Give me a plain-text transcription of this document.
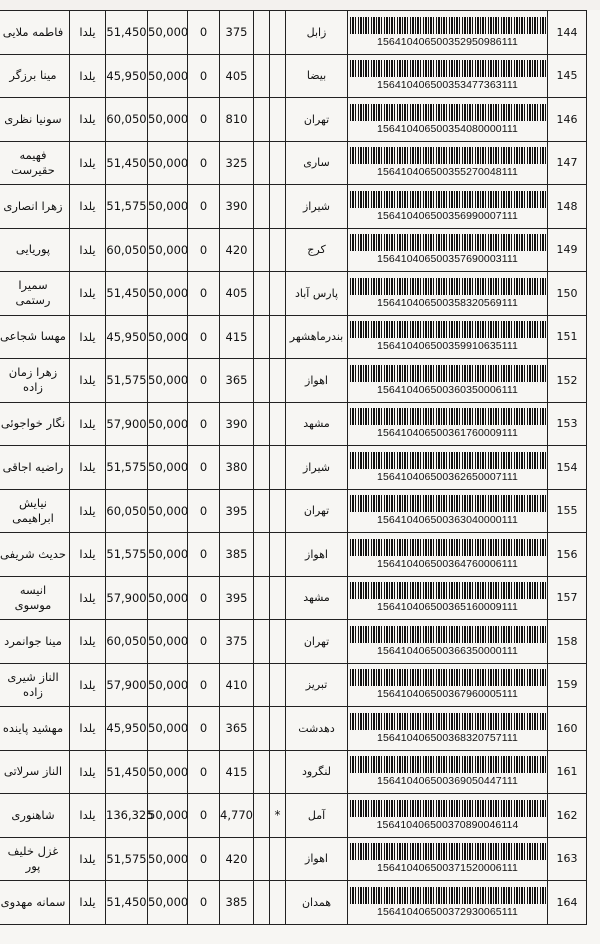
فاطمه ملایی	یلدا	51,450	50,000	0	375			زابل	156410406500352950986111	144
مینا برزگر	یلدا	45,950	50,000	0	405			بیضا	156410406500353477363111	145
سونیا نظری	یلدا	60,050	50,000	0	810			تهران	156410406500354080000111	146
فهیمه حقیرست	یلدا	51,450	50,000	0	325			ساری	156410406500355270048111	147
زهرا انصاری	یلدا	51,575	50,000	0	390			شیراز	156410406500356990007111	148
پوریایی	یلدا	60,050	50,000	0	420			کرج	156410406500357690003111	149
سمیرا رستمی	یلدا	51,450	50,000	0	405			پارس آباد	156410406500358320569111	150
مهسا شجاعی	یلدا	45,950	50,000	0	415			بندرماهشهر	156410406500359910635111	151
زهرا زمان زاده	یلدا	51,575	50,000	0	365			اهواز	156410406500360350006111	152
نگار خواجوئی	یلدا	57,900	50,000	0	390			مشهد	156410406500361760009111	153
راضیه اجاقی	یلدا	51,575	50,000	0	380			شیراز	156410406500362650007111	154
نیایش ابراهیمی	یلدا	60,050	50,000	0	395			تهران	156410406500363040000111	155
حدیث شریفی	یلدا	51,575	50,000	0	385			اهواز	156410406500364760006111	156
انیسه موسوی	یلدا	57,900	50,000	0	395			مشهد	156410406500365160009111	157
مینا جوانمرد	یلدا	60,050	50,000	0	375			تهران	156410406500366350000111	158
الناز شیری زاده	یلدا	57,900	50,000	0	410			تبریز	156410406500367960005111	159
مهشید پاینده	یلدا	45,950	50,000	0	365			دهدشت	156410406500368320757111	160
الناز سرلاتی	یلدا	51,450	50,000	0	415			لنگرود	156410406500369050447111	161
شاهنوری	یلدا	136,325	50,000	0	4,770		*	آمل	156410406500370890046114	162
غزل خلیف پور	یلدا	51,575	50,000	0	420			اهواز	156410406500371520006111	163
سمانه مهدوی	یلدا	51,450	50,000	0	385			همدان	156410406500372930065111	164
